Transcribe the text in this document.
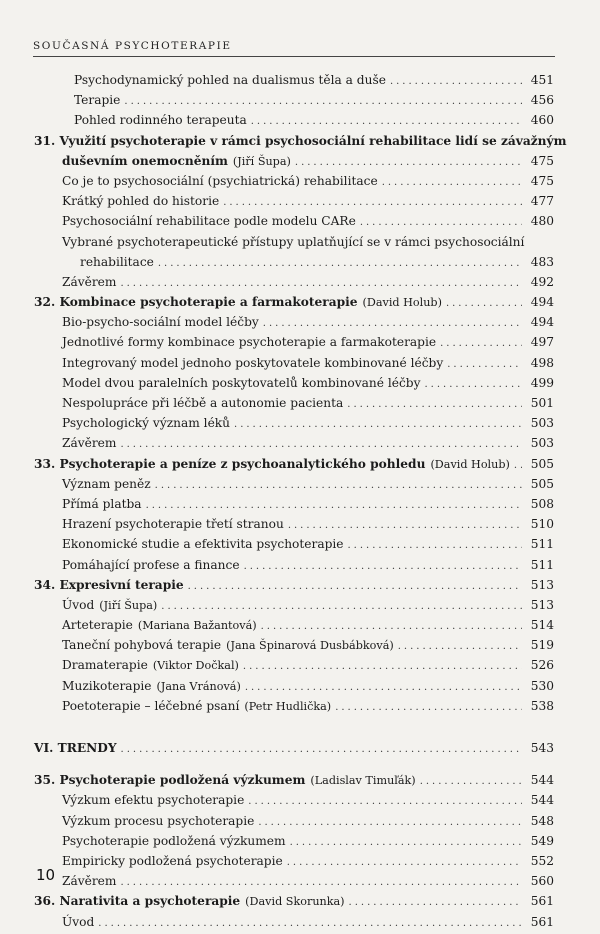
SOUČASNÁ PSYCHOTERAPIE
Psychodynamický pohled na dualismus těla a duše .....	451
Terapie .....	456
Pohled rodinného terapeuta .....	460
31. Využití psychoterapie v rámci psychosociální rehabilitace lidí se závažným
duševním onemocněním (Jiří Šupa) .....	475
Co je to psychosociální (psychiatrická) rehabilitace .....	475
Krátký pohled do historie .....	477
Psychosociální rehabilitace podle modelu CARe .....	480
Vybrané psychoterapeutické přístupy uplatňující se v rámci psychosociální
rehabilitace .....	483
Závěrem .....	492
32. Kombinace psychoterapie a farmakoterapie (David Holub) .....	494
Bio-psycho-sociální model léčby .....	494
Jednotlivé formy kombinace psychoterapie a farmakoterapie .....	497
Integrovaný model jednoho poskytovatele kombinované léčby .....	498
Model dvou paralelních poskytovatelů kombinované léčby .....	499
Nespolupráce při léčbě a autonomie pacienta .....	501
Psychologický význam léků .....	503
Závěrem .....	503
33. Psychoterapie a peníze z psychoanalytického pohledu (David Holub) ..... 505
Význam peněz .....	505
Přímá platba .....	508
Hrazení psychoterapie třetí stranou .....	510
Ekonomické studie a efektivita psychoterapie .....	511
Pomáhající profese a finance .....	511
34. Expresivní terapie .....	513
Úvod (Jiří Šupa) .....	513
Arteterapie (Mariana Bažantová) .....	514
Taneční pohybová terapie (Jana Špinarová Dusbábková) .....	519
Dramaterapie (Viktor Dočkal) .....	526
Muzikoterapie (Jana Vránová) .....	530
Poetoterapie – léčebné psaní (Petr Hudlička) .....	538
VI. TRENDY .....	543
35. Psychoterapie podložená výzkumem (Ladislav Timuľák) .....	544
Výzkum efektu psychoterapie .....	544
Výzkum procesu psychoterapie .....	548
Psychoterapie podložená výzkumem .....	549
Empiricky podložená psychoterapie .....	552
Závěrem .....	560
36. Narativita a psychoterapie (David Skorunka) .....	561
Úvod .....	561
10
